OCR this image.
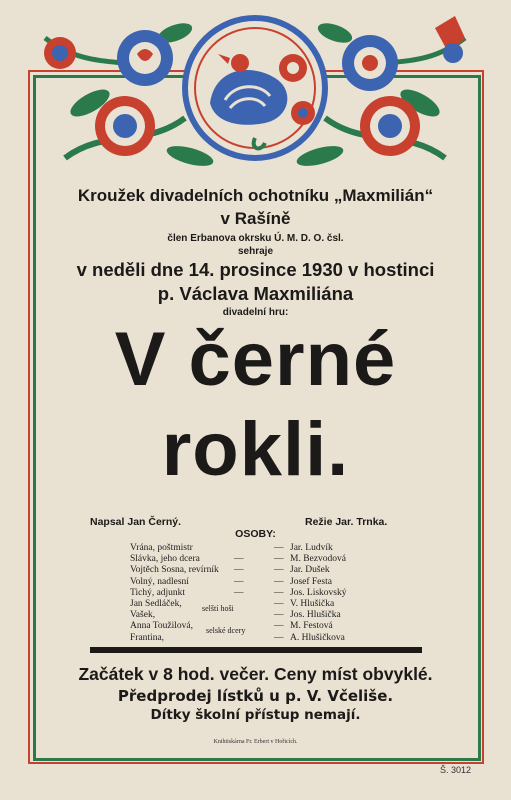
Kroužek divadelních ochotníku „Maxmilián“
v Rašíně
člen Erbanova okrsku Ú. M. D. O. čsl.
sehraje
v neděli dne 14. prosince 1930 v hostinci
p. Václava Maxmiliána
divadelní hru:
V černé
rokli.
Napsal Jan Černý.	Režie Jar. Trnka.
OSOBY:
Vrána, poštmistr	— Jar. Ludvík
Slávka, jeho dcera	—	— M. Bezvodová
Vojtěch Sosna, revírník —	— Jar. Dušek
Volný, nadlesní	—	— Josef Festa
Tichý, adjunkt	—	— Jos. Liskovský
Jan Sedláček,	selští hoši	— V. Hlušička
Vašek,	— Jos. Hlušička
Anna Toužilová, selské dcery	— M. Festová
Frantina,	— A. Hlušičkova
Začátek v 8 hod. večer. Ceny míst obvyklé.
Předprodej lístků u p. V. Včeliše.
Dítky školní přístup nemají.
Knihtiskárna Fr. Erbert v Hořicích.
Š. 3012
